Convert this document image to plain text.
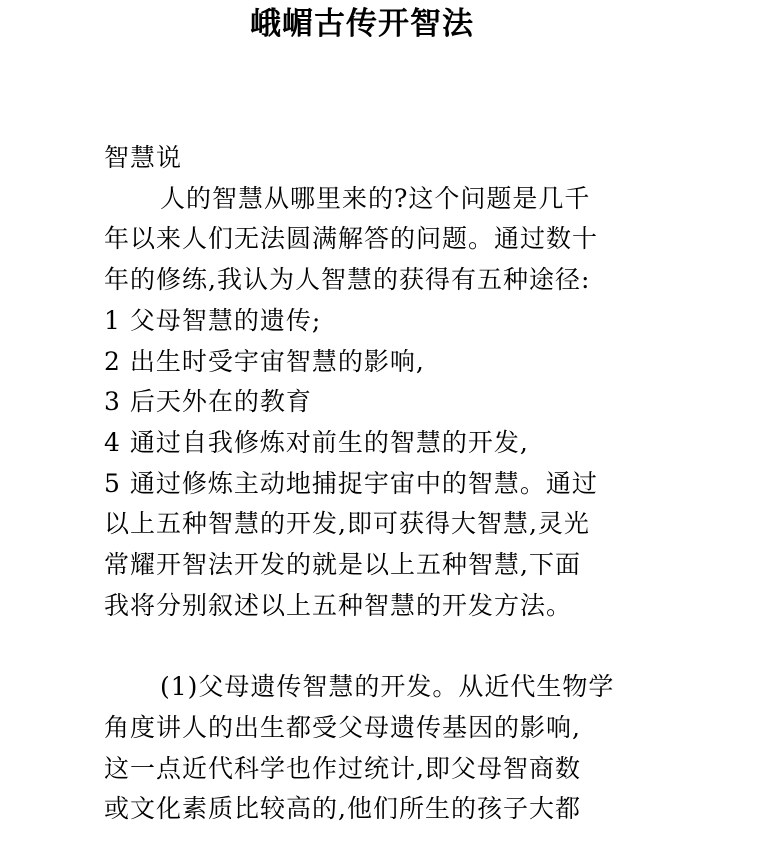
峨嵋古传开智法
智慧说
人的智慧从哪里来的?这个问题是几千
年以来人们无法圆满解答的问题。通过数十
年的修练,我认为人智慧的获得有五种途径:
1 父母智慧的遗传;
2 出生时受宇宙智慧的影响,
3 后天外在的教育
4 通过自我修炼对前生的智慧的开发,
5 通过修炼主动地捕捉宇宙中的智慧。通过
以上五种智慧的开发,即可获得大智慧,灵光
常耀开智法开发的就是以上五种智慧,下面
我将分别叙述以上五种智慧的开发方法。
(1)父母遗传智慧的开发。从近代生物学
角度讲人的出生都受父母遗传基因的影响,
这一点近代科学也作过统计,即父母智商数
或文化素质比较高的,他们所生的孩子大都
